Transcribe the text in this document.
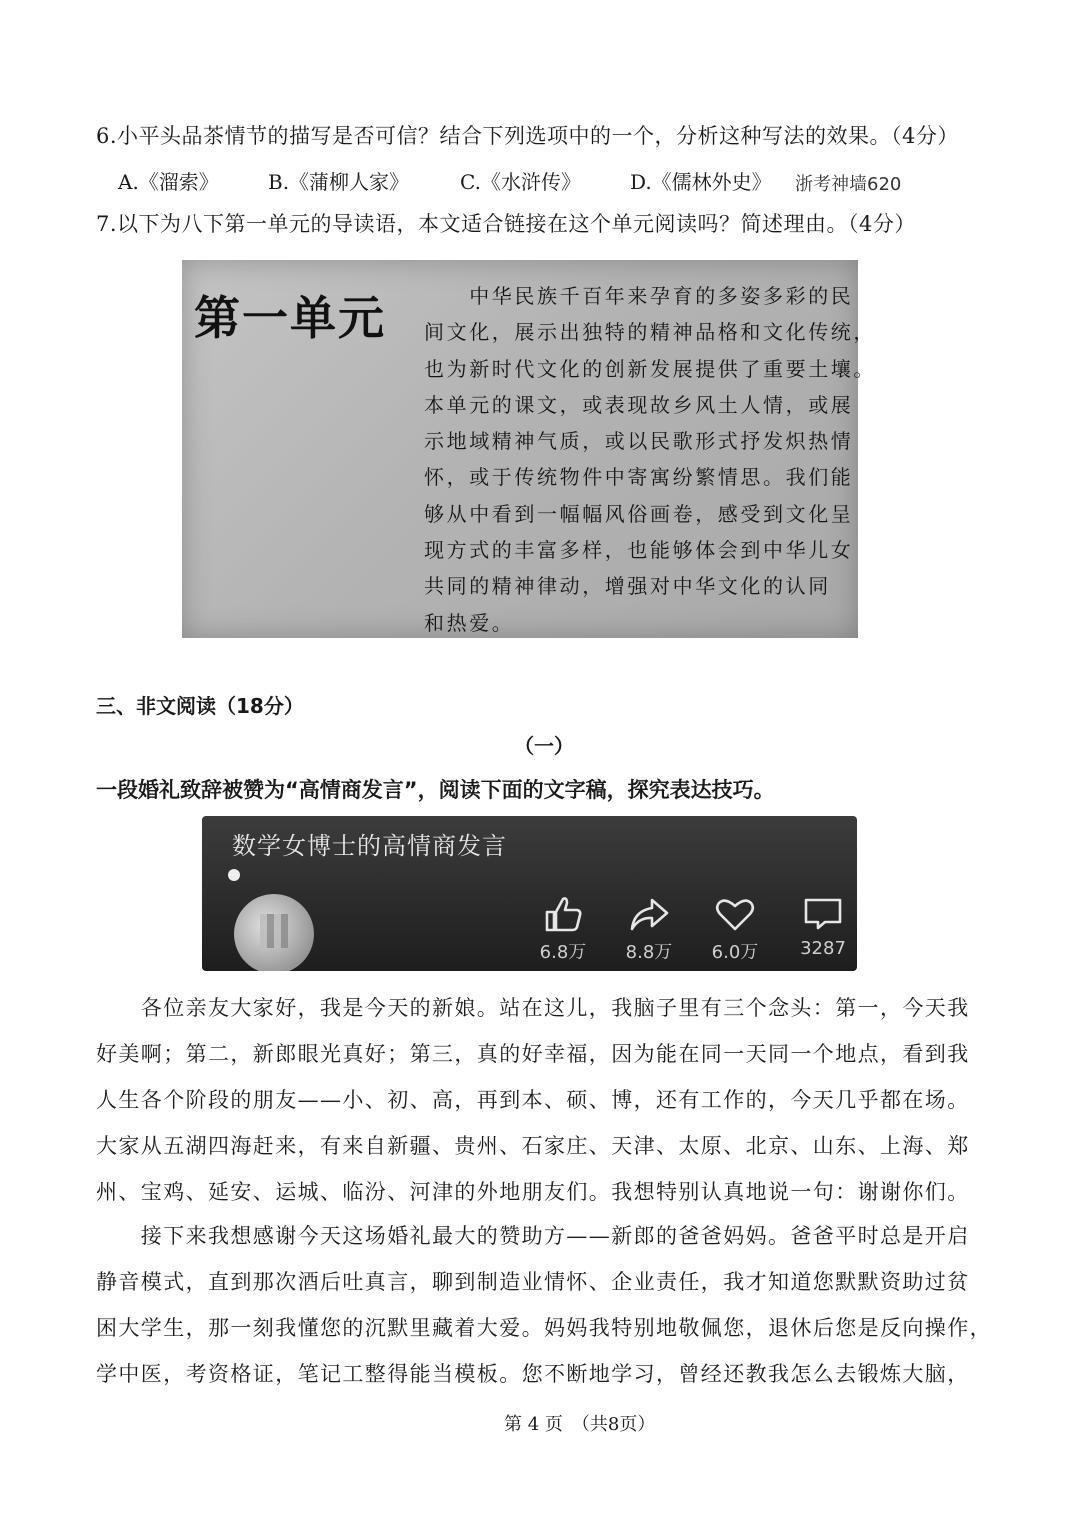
6.小平头品茶情节的描写是否可信？结合下列选项中的一个，分析这种写法的效果。（4分）
A.《溜索》 B.《蒲柳人家》	C.《水浒传》 D.《儒林外史》 浙考神墙620
7.以下为八下第一单元的导读语，本文适合链接在这个单元阅读吗？简述理由。（4分）
第一单元 　　中华民族千百年来孕育的多姿多彩的民
间文化，展示出独特的精神品格和文化传统，
也为新时代文化的创新发展提供了重要土壤。
本单元的课文，或表现故乡风土人情，或展
示地域精神气质，或以民歌形式抒发炽热情
怀，或于传统物件中寄寓纷繁情思。我们能
够从中看到一幅幅风俗画卷，感受到文化呈
现方式的丰富多样，也能够体会到中华儿女
共同的精神律动，增强对中华文化的认同
和热爱。
三、非文阅读（18分）
（一）
一段婚礼致辞被赞为“高情商发言”，阅读下面的文字稿，探究表达技巧。
数学女博士的高情商发言
6.8万	8.8万	6.0万	3287
　　各位亲友大家好，我是今天的新娘。站在这儿，我脑子里有三个念头：第一，今天我
好美啊；第二，新郎眼光真好；第三，真的好幸福，因为能在同一天同一个地点，看到我
人生各个阶段的朋友——小、初、高，再到本、硕、博，还有工作的，今天几乎都在场。
大家从五湖四海赶来，有来自新疆、贵州、石家庄、天津、太原、北京、山东、上海、郑
州、宝鸡、延安、运城、临汾、河津的外地朋友们。我想特别认真地说一句：谢谢你们。
　　接下来我想感谢今天这场婚礼最大的赞助方——新郎的爸爸妈妈。爸爸平时总是开启
静音模式，直到那次酒后吐真言，聊到制造业情怀、企业责任，我才知道您默默资助过贫
困大学生，那一刻我懂您的沉默里藏着大爱。妈妈我特别地敬佩您，退休后您是反向操作，
学中医，考资格证，笔记工整得能当模板。您不断地学习，曾经还教我怎么去锻炼大脑，
第 4 页　（共8页）
